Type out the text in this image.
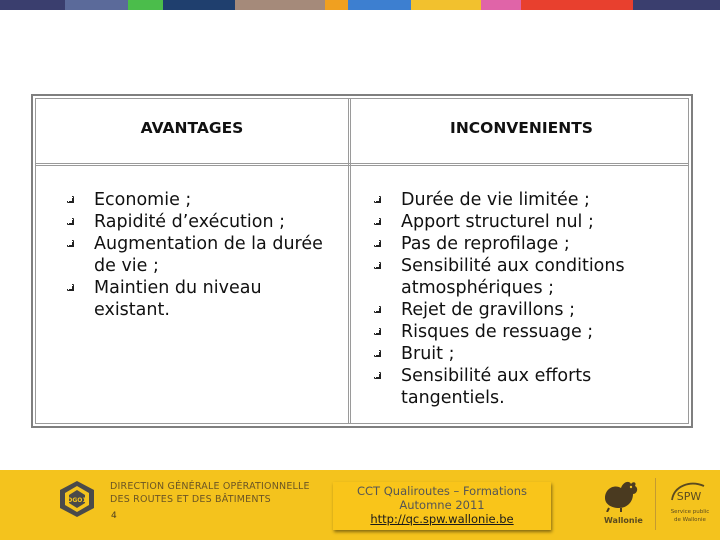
AVANTAGES	INCONVENIENTS
Economie ;
Rapidité d’exécution ;
Augmentation de la durée de vie ;
Maintien du niveau existant.
Durée de vie limitée ;
Apport structurel nul ;
Pas de reprofilage ;
Sensibilité aux conditions atmosphériques ;
Rejet de gravillons ;
Risques de ressuage ;
Bruit ;
Sensibilité aux efforts tangentiels.
DGO1
DIRECTION GÉNÉRALE OPÉRATIONNELLE
DES ROUTES ET DES BÂTIMENTS
4
CCT Qualiroutes – Formations
Automne 2011
http://qc.spw.wallonie.be	Wallonie
SPW
Service public
de Wallonie
